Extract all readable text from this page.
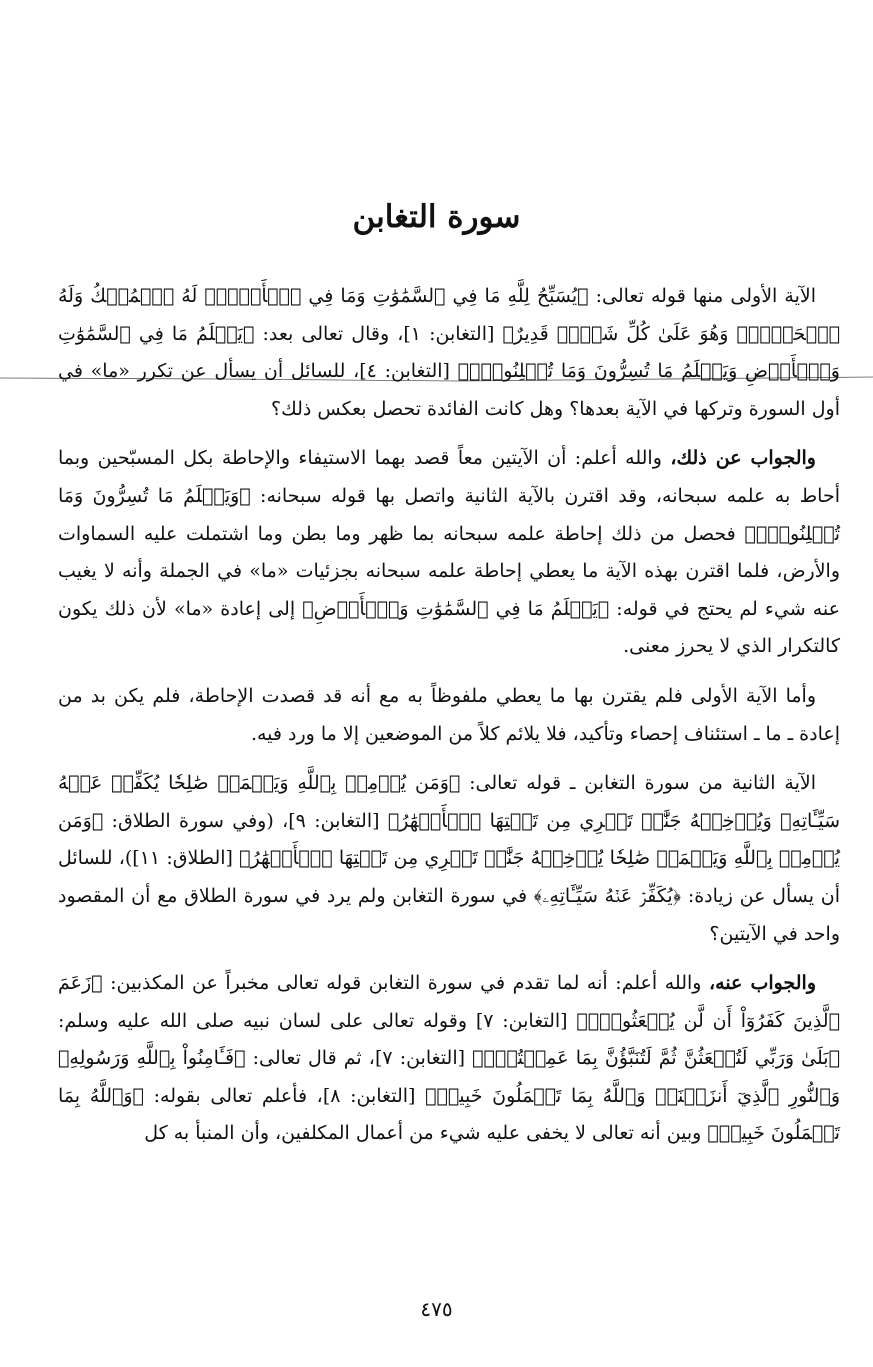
سورة التغابن

الآية الأولى منها قوله تعالى: ﴿يُسَبِّحُ لِلَّهِ مَا فِي ٱلسَّمَٰوَٰتِ وَمَا فِي ٱلۡأَرۡضِۖ لَهُ ٱلۡمُلۡكُ وَلَهُ ٱلۡحَمۡدُۖ وَهُوَ عَلَىٰ كُلِّ شَيۡءٖ قَدِيرٌ﴾ [التغابن: ١]، وقال تعالى بعد: ﴿يَعۡلَمُ مَا فِي ٱلسَّمَٰوَٰتِ وَٱلۡأَرۡضِ وَيَعۡلَمُ مَا تُسِرُّونَ وَمَا تُعۡلِنُونَۚ﴾ [التغابن: ٤]، للسائل أن يسأل عن تكرر «ما» في أول السورة وتركها في الآية بعدها؟ وهل كانت الفائدة تحصل بعكس ذلك؟

والجواب عن ذلك، والله أعلم: أن الآيتين معاً قصد بهما الاستيفاء والإحاطة بكل المسبّحين وبما أحاط به علمه سبحانه، وقد اقترن بالآية الثانية واتصل بها قوله سبحانه: ﴿وَيَعۡلَمُ مَا تُسِرُّونَ وَمَا تُعۡلِنُونَۚ﴾ فحصل من ذلك إحاطة علمه سبحانه بما ظهر وما بطن وما اشتملت عليه السماوات والأرض، فلما اقترن بهذه الآية ما يعطي إحاطة علمه سبحانه بجزئيات «ما» في الجملة وأنه لا يغيب عنه شيء لم يحتج في قوله: ﴿يَعۡلَمُ مَا فِي ٱلسَّمَٰوَٰتِ وَٱلۡأَرۡضِ﴾ إلى إعادة «ما» لأن ذلك يكون كالتكرار الذي لا يحرز معنى.

وأما الآية الأولى فلم يقترن بها ما يعطي ملفوظاً به مع أنه قد قصدت الإحاطة، فلم يكن بد من إعادة ـ ما ـ استئناف إحصاء وتأكيد، فلا يلائم كلاً من الموضعين إلا ما ورد فيه.

الآية الثانية من سورة التغابن ـ قوله تعالى: ﴿وَمَن يُؤۡمِنۢ بِٱللَّهِ وَيَعۡمَلۡ صَٰلِحٗا يُكَفِّرۡ عَنۡهُ سَيِّـَٔاتِهِۦ وَيُدۡخِلۡهُ جَنَّٰتٖ تَجۡرِي مِن تَحۡتِهَا ٱلۡأَنۡهَٰرُ﴾ [التغابن: ٩]، (وفي سورة الطلاق: ﴿وَمَن يُؤۡمِنۢ بِٱللَّهِ وَيَعۡمَلۡ صَٰلِحٗا يُدۡخِلۡهُ جَنَّٰتٖ تَجۡرِي مِن تَحۡتِهَا ٱلۡأَنۡهَٰرُ﴾ [الطلاق: ١١])، للسائل أن يسأل عن زيادة: ﴿يُكَفِّرۡ عَنۡهُ سَيِّـَٔاتِهِۦ﴾ في سورة التغابن ولم يرد في سورة الطلاق مع أن المقصود واحد في الآيتين؟

والجواب عنه، والله أعلم: أنه لما تقدم في سورة التغابن قوله تعالى مخبراً عن المكذبين: ﴿زَعَمَ ٱلَّذِينَ كَفَرُوٓاْ أَن لَّن يُبۡعَثُواْۚ﴾ [التغابن: ٧] وقوله تعالى على لسان نبيه صلى الله عليه وسلم: ﴿بَلَىٰ وَرَبِّي لَتُبۡعَثُنَّ ثُمَّ لَتُنَبَّؤُنَّ بِمَا عَمِلۡتُمۡۚ﴾ [التغابن: ٧]، ثم قال تعالى: ﴿فَـَٔامِنُواْ بِٱللَّهِ وَرَسُولِهِۦ وَٱلنُّورِ ٱلَّذِيٓ أَنزَلۡنَاۚ وَٱللَّهُ بِمَا تَعۡمَلُونَ خَبِيرٞ﴾ [التغابن: ٨]، فأعلم تعالى بقوله: ﴿وَٱللَّهُ بِمَا تَعۡمَلُونَ خَبِيرٞ﴾ وبين أنه تعالى لا يخفى عليه شيء من أعمال المكلفين، وأن المنبأ به كل

٤٧٥
